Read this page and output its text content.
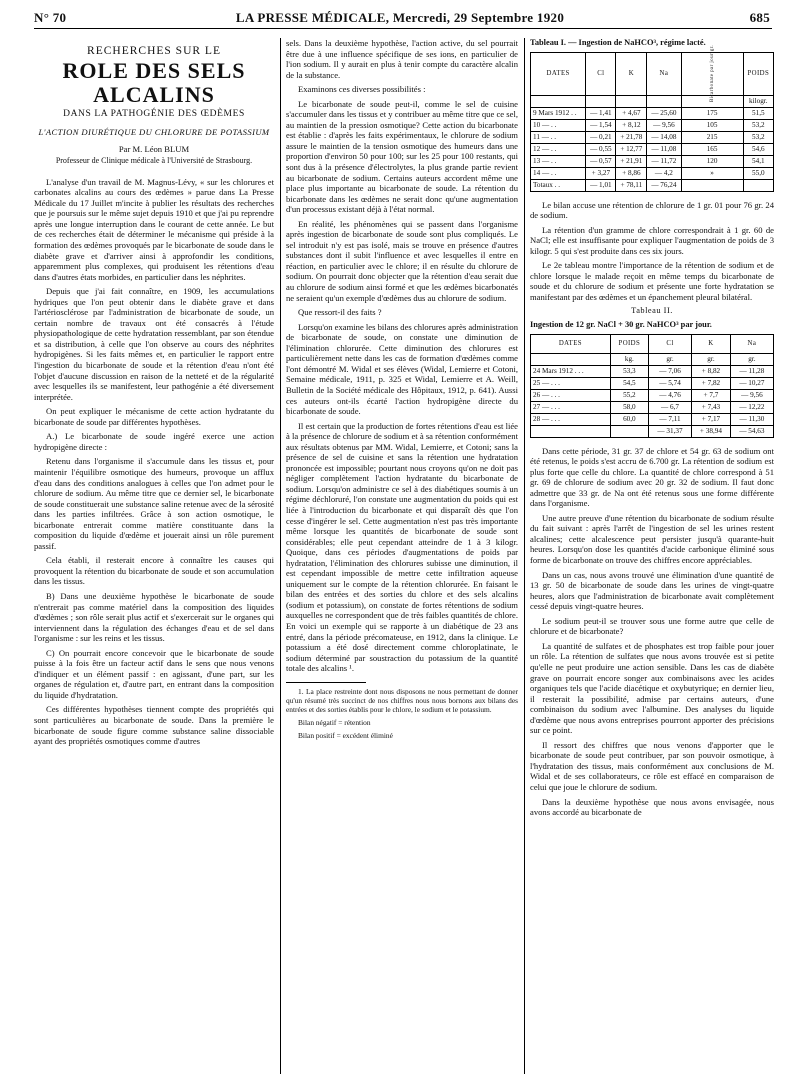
N° 70	LA PRESSE MÉDICALE, Mercredi, 29 Septembre 1920	685
RECHERCHES SUR LE
ROLE DES SELS ALCALINS
DANS LA PATHOGÉNIE DES ŒDÈMES
L'ACTION DIURÉTIQUE DU CHLORURE DE POTASSIUM
Par M. Léon BLUM
Professeur de Clinique médicale à l'Université de Strasbourg.

L'analyse d'un travail de M. Magnus-Lévy, « sur les chlorures et carbonates alcalins au cours des œdèmes » parue dans La Presse Médicale du 17 Juillet m'incite à publier les résultats des recherches que je poursuis sur le même sujet depuis 1910 et que j'ai pu reprendre après une longue interruption dans le courant de cette année. Le but de ces recherches était de déterminer le mécanisme qui préside à la formation des œdèmes provoqués par le bicarbonate de soude dans le diabète grave et d'arriver ainsi à approfondir les conditions, apparemment plus complexes, qui produisent les rétentions d'eau dans d'autres états morbides, en particulier dans les néphrites.

Depuis que j'ai fait connaître, en 1909, les accumulations hydriques que l'on peut obtenir dans le diabète grave et dans l'artériosclérose par l'administration de bicarbonate de soude, un certain nombre de travaux ont été consacrés à l'étude physiopathologique de cette hydratation ressemblant, par son étendue et sa distribution, à celle que l'on observe au cours des néphrites hydropigènes. Si les faits mêmes et, en particulier le rapport entre l'ingestion du bicarbonate de soude et la rétention d'eau n'ont été l'objet d'aucune discussion en raison de la netteté et de la régularité avec lesquelles ils se manifestent, leur pathogénie a été diversement interprétée.

On peut expliquer le mécanisme de cette action hydratante du bicarbonate de soude par différentes hypothèses.

A.) Le bicarbonate de soude ingéré exerce une action hydropigène directe :

Retenu dans l'organisme il s'accumule dans les tissus et, pour maintenir l'équilibre osmotique des humeurs, provoque un afflux d'eau dans des conditions analogues à celles que l'on admet pour le chlorure de sodium. Au même titre que ce dernier sel, le bicarbonate de soude constituerait une substance saline retenue avec de la sérosité dans les parties infiltrées. Grâce à son action osmotique, le bicarbonate entrerait comme matière constituante dans la composition du liquide d'œdème et jouerait ainsi un rôle purement passif.

Cela établi, il resterait encore à connaître les causes qui provoquent la rétention du bicarbonate de soude et son accumulation dans les tissus.

B) Dans une deuxième hypothèse le bicarbonate de soude n'entrerait pas comme matériel dans la composition des liquides d'œdèmes ; son rôle serait plus actif et s'exercerait sur le organes qui interviennent dans la régulation des échanges d'eau et de sel dans l'organisme : sur les reins et les tissus.

C) On pourrait encore concevoir que le bicarbonate de soude puisse à la fois être un facteur actif dans le sens que nous venons d'indiquer et un élément passif : en agissant, d'une part, sur les organes de régulation et, d'autre part, en entrant dans la composition du liquide d'hydratation.

Ces différentes hypothèses tiennent compte des propriétés qui sont particulières au bicarbonate de soude. Dans la première le bicarbonate de soude figure comme substance saline dissociable ayant des propriétés osmotiques comme d'autres

sels. Dans la deuxième hypothèse, l'action active, du sel pourrait être due à une influence spécifique de ses ions, en particulier de l'ion sodium. Il y aurait en plus à tenir compte du caractère alcalin de la substance.

Examinons ces diverses possibilités :

Le bicarbonate de soude peut-il, comme le sel de cuisine s'accumuler dans les tissus et y contribuer au même titre que ce sel, au maintien de la pression osmotique? Cette action du bicarbonate est établie : d'après les faits expérimentaux, le chlorure de sodium assure le maintien de la tension osmotique des humeurs dans une proportion d'environ 50 pour 100; sur les 25 pour 100 restants, qui sont dus à la présence d'électrolytes, la plus grande partie revient au bicarbonate de sodium. Certains auteurs accordent même une place plus importante au bicarbonate de soude. La rétention du bicarbonate dans les œdèmes ne serait donc qu'une augmentation d'un processus existant déjà à l'état normal.

En réalité, les phénomènes qui se passent dans l'organisme après ingestion de bicarbonate de soude sont plus compliqués. Le sel introduit n'y est pas isolé, mais se trouve en présence d'autres substances dont il subit l'influence et avec lesquelles il entre en réaction, en particulier avec le chlore; il en résulte du chlorure de sodium. On pourrait donc objecter que la rétention d'eau serait due au chlorure de sodium ainsi formé et que les œdèmes bicarbonatés ne seraient qu'un exemple d'œdèmes dus au chlorure de sodium.

Que ressort-il des faits ?

Lorsqu'on examine les bilans des chlorures après administration de bicarbonate de soude, on constate une diminution de l'élimination chlorurée. Cette diminution des chlorures est particulièrement nette dans les cas de formation d'œdèmes comme l'ont démontré M. Widal et ses élèves (Widal, Lemierre et Cotoni, Semaine médicale, 1911, p. 325 et Widal, Lemierre et A. Weill, Bulletin de la Société médicale des Hôpitaux, 1912, p. 641). Aussi ces auteurs ont-ils écarté l'action hydropigène directe du bicarbonate de soude.

Il est certain que la production de fortes rétentions d'eau est liée à la présence de chlorure de sodium et à sa rétention conformément aux résultats obtenus par MM. Widal, Lemierre, et Cotoni; sans la présence de sel de cuisine et sans la rétention une hydratation prononcée est impossible; pourtant nous croyons qu'on ne doit pas négliger complètement l'action hydratante du bicarbonate de sodium. Lorsqu'on administre ce sel à des diabétiques soumis à un régime déchloruré, l'on constate une augmentation du poids qui est liée à l'introduction du bicarbonate et qui disparaît dès que l'on cesse d'ingérer le sel. Cette augmentation n'est pas très importante même lorsque les quantités de bicarbonate de soude sont considérables; elle peut cependant atteindre de 1 à 3 kilogr. Quoique, dans ces périodes d'augmentations de poids par hydratation, l'élimination des chlorures subisse une diminution, il est cependant impossible de mettre cette infiltration aqueuse uniquement sur le compte de la rétention chlorurée. En faisant le bilan des entrées et des sorties du chlore et des sels alcalins (sodium et potassium), on constate de fortes rétentions de sodium auxquelles ne correspondent que de très faibles quantités de chlore. En voici un exemple qui se rapporte à un diabétique de 23 ans entré, dans la période précomateuse, en 1912, dans la clinique. Le potassium a été dosé directement comme chloroplatinate, le sodium déterminé par soustraction du potassium de la quantité totale des alcalins ¹.

1. La place restreinte dont nous disposons ne nous permettant de donner qu'un résumé très succinct de nos chiffres nous nous bornons aux bilans des entrées et des sorties établis pour le chlore, le sodium et le potassium.

Bilan négatif = rétention

Bilan positif = excédent éliminé

Tableau I. — Ingestion de NaHCO³, régime lacté.
DATES	Cl	K	Na	Bicarbonate par jour gr.	POIDS
					kilogr.
9 Mars 1912 . .	— 1,41	+ 4,67	— 25,60	175	51,5
10 — . .	— 1,54	+ 8,12	— 9,56	105	53,2
11 — . .	— 0,21	+ 21,78	— 14,08	215	53,2
12 — . .	— 0,55	+ 12,77	— 11,08	165	54,6
13 — . .	— 0,57	+ 21,91	— 11,72	120	54,1
14 — . .	+ 3,27	+ 8,86	— 4,2	»	55,0
Totaux . .	— 1,01	+ 78,11	— 76,24		

Le bilan accuse une rétention de chlorure de 1 gr. 01 pour 76 gr. 24 de sodium.

La rétention d'un gramme de chlore correspondrait à 1 gr. 60 de NaCl; elle est insuffisante pour expliquer l'augmentation de poids de 3 kilogr. 5 qui s'est produite dans ces six jours.

Le 2e tableau montre l'importance de la rétention de sodium et de chlore lorsque le malade reçoit en même temps du bicarbonate de soude et du chlorure de sodium et présente une forte hydratation se manifestant par des œdèmes et un épanchement pleural bilatéral.

Tableau II.
Ingestion de 12 gr. NaCl + 30 gr. NaHCO³ par jour.
DATES	POIDS	Cl	K	Na
	kg.	gr.	gr.	gr.
24 Mars 1912 . . .	53,3	— 7,06	+ 8,82	— 11,28
25 — . . .	54,5	— 5,74	+ 7,82	— 10,27
26 — . . .	55,2	— 4,76	+ 7,7	— 9,56
27 — . . .	58,0	— 6,7	+ 7,43	— 12,22
28 — . . .	60,0	— 7,11	+ 7,17	— 11,30
		— 31,37	+ 38,94	— 54,63

Dans cette période, 31 gr. 37 de chlore et 54 gr. 63 de sodium ont été retenus, le poids s'est accru de 6.700 gr. La rétention de sodium est plus forte que celle du chlore. La quantité de chlore correspond à 51 gr. 69 de chlorure de sodium avec 20 gr. 32 de sodium. Il faut donc admettre que 33 gr. de Na ont été retenus sous une forme différente dans l'organisme.

Une autre preuve d'une rétention du bicarbonate de sodium résulte du fait suivant : après l'arrêt de l'ingestion de sel les urines restent alcalines; cette alcalescence peut persister jusqu'à quarante-huit heures. Lorsqu'on dose les quantités d'acide carbonique éliminé sous forme de bicarbonate on trouve des chiffres encore appréciables.

Dans un cas, nous avons trouvé une élimination d'une quantité de 13 gr. 50 de bicarbonate de soude dans les urines de vingt-quatre heures, alors que l'administration de bicarbonate avait complètement cessé depuis vingt-quatre heures.

Le sodium peut-il se trouver sous une forme autre que celle de chlorure et de bicarbonate?

La quantité de sulfates et de phosphates est trop faible pour jouer un rôle. La rétention de sulfates que nous avons trouvée est si petite qu'elle ne peut produire une action sensible. Dans les cas de diabète grave on pourrait encore songer aux combinaisons avec les acides organiques tels que l'acide diacétique et oxybutyrique; en dernier lieu, il resterait la possibilité, admise par certains auteurs, d'une combinaison du sodium avec l'albumine. Des analyses du liquide d'œdème que nous avons entreprises pourront apporter des précisions sur ce point.

Il ressort des chiffres que nous venons d'apporter que le bicarbonate de soude peut contribuer, par son pouvoir osmotique, à l'hydratation des tissus, mais conformément aux conclusions de M. Widal et de ses collaborateurs, ce rôle est effacé en comparaison de celui que joue le chlorure de sodium.

Dans la deuxième hypothèse que nous avons envisagée, nous avons accordé au bicarbonate de
